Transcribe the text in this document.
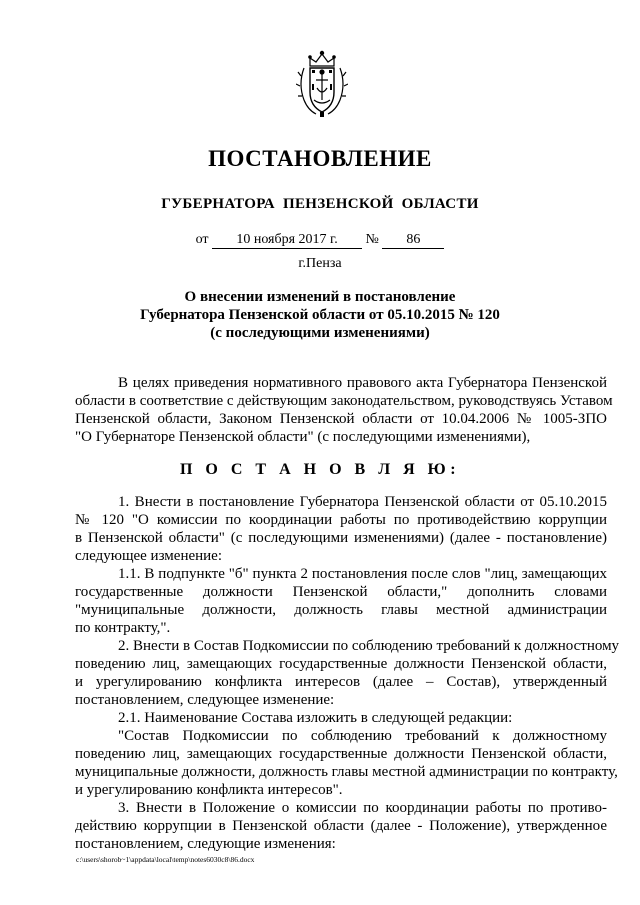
ПОСТАНОВЛЕНИЕ
ГУБЕРНАТОРА ПЕНЗЕНСКОЙ ОБЛАСТИ
от 10 ноября 2017 г. № 86
г.Пенза
О внесении изменений в постановление
Губернатора Пензенской области от 05.10.2015 № 120
(с последующими изменениями)
В целях приведения нормативного правового акта Губернатора Пензенской
области в соответствие с действующим законодательством, руководствуясь Уставом
Пензенской области, Законом Пензенской области от 10.04.2006 № 1005-ЗПО
"О Губернаторе Пензенской области" (с последующими изменениями),
П О С Т А Н О В Л Я Ю:
1. Внести в постановление Губернатора Пензенской области от 05.10.2015
№ 120 "О комиссии по координации работы по противодействию коррупции
в Пензенской области" (с последующими изменениями) (далее - постановление)
следующее изменение:
1.1. В подпункте "б" пункта 2 постановления после слов "лиц, замещающих
государственные должности Пензенской области," дополнить словами
"муниципальные должности, должность главы местной администрации
по контракту,".
2. Внести в Состав Подкомиссии по соблюдению требований к должностному
поведению лиц, замещающих государственные должности Пензенской области,
и урегулированию конфликта интересов (далее – Состав), утвержденный
постановлением, следующее изменение:
2.1. Наименование Состава изложить в следующей редакции:
"Состав Подкомиссии по соблюдению требований к должностному
поведению лиц, замещающих государственные должности Пензенской области,
муниципальные должности, должность главы местной администрации по контракту,
и урегулированию конфликта интересов".
3. Внести в Положение о комиссии по координации работы по противо-
действию коррупции в Пензенской области (далее - Положение), утвержденное
постановлением, следующие изменения:
c:\users\shorob~1\appdata\local\temp\notes6030c8\86.docx
